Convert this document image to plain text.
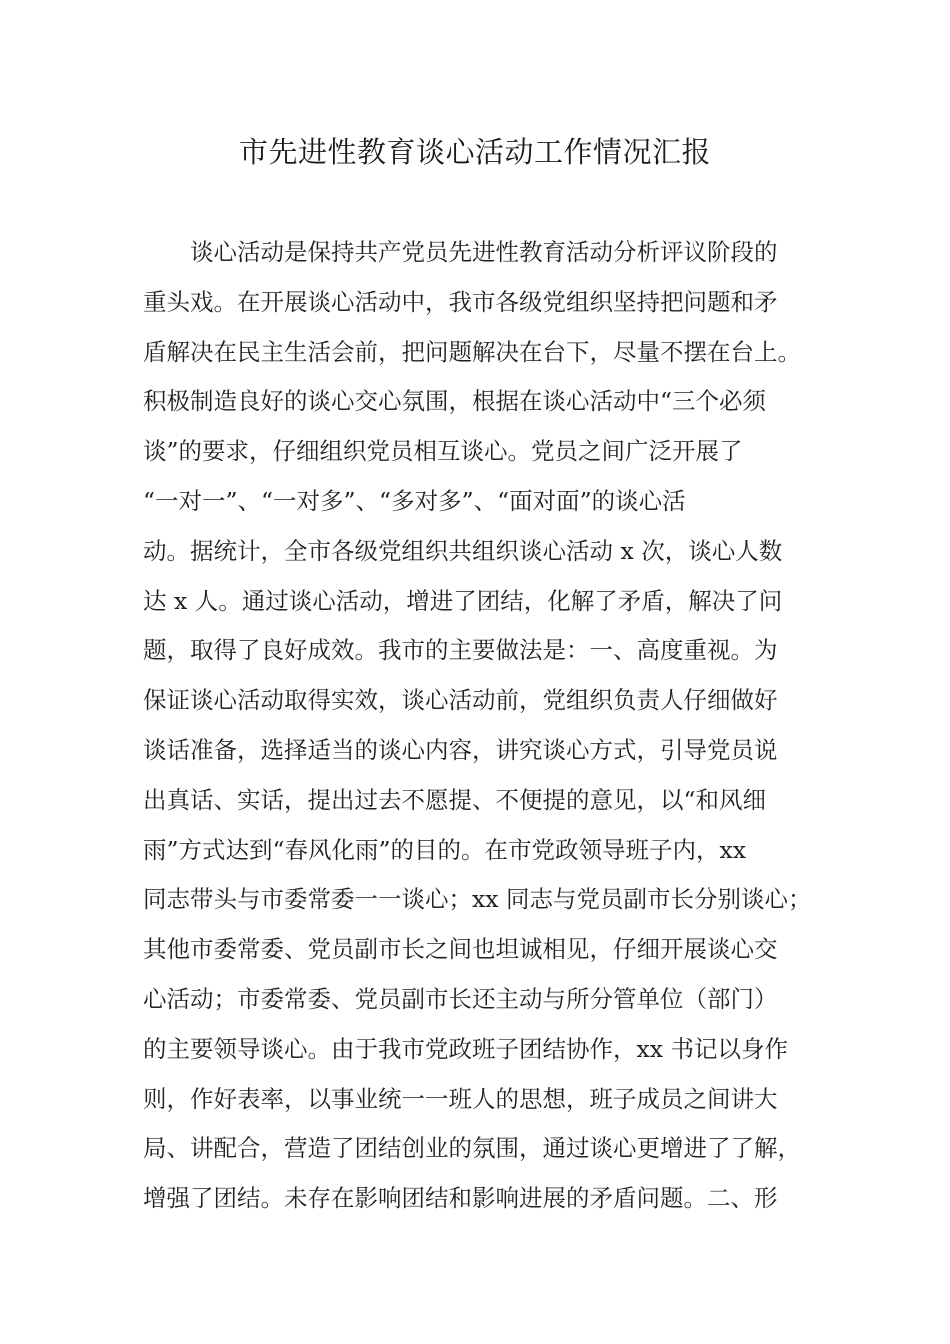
市先进性教育谈心活动工作情况汇报
谈心活动是保持共产党员先进性教育活动分析评议阶段的
重头戏。在开展谈心活动中，我市各级党组织坚持把问题和矛
盾解决在民主生活会前，把问题解决在台下，尽量不摆在台上。
积极制造良好的谈心交心氛围，根据在谈心活动中“三个必须
谈”的要求，仔细组织党员相互谈心。党员之间广泛开展了
“一对一”、“一对多”、“多对多”、“面对面”的谈心活
动。据统计，全市各级党组织共组织谈心活动 x 次，谈心人数
达 x 人。通过谈心活动，增进了团结，化解了矛盾，解决了问
题，取得了良好成效。我市的主要做法是：一、高度重视。为
保证谈心活动取得实效，谈心活动前，党组织负责人仔细做好
谈话准备，选择适当的谈心内容，讲究谈心方式，引导党员说
出真话、实话，提出过去不愿提、不便提的意见，以“和风细
雨”方式达到“春风化雨”的目的。在市党政领导班子内，xx
同志带头与市委常委一一谈心；xx 同志与党员副市长分别谈心；
其他市委常委、党员副市长之间也坦诚相见，仔细开展谈心交
心活动；市委常委、党员副市长还主动与所分管单位（部门）
的主要领导谈心。由于我市党政班子团结协作，xx 书记以身作
则，作好表率，以事业统一一班人的思想，班子成员之间讲大
局、讲配合，营造了团结创业的氛围，通过谈心更增进了了解，
增强了团结。未存在影响团结和影响进展的矛盾问题。二、形
